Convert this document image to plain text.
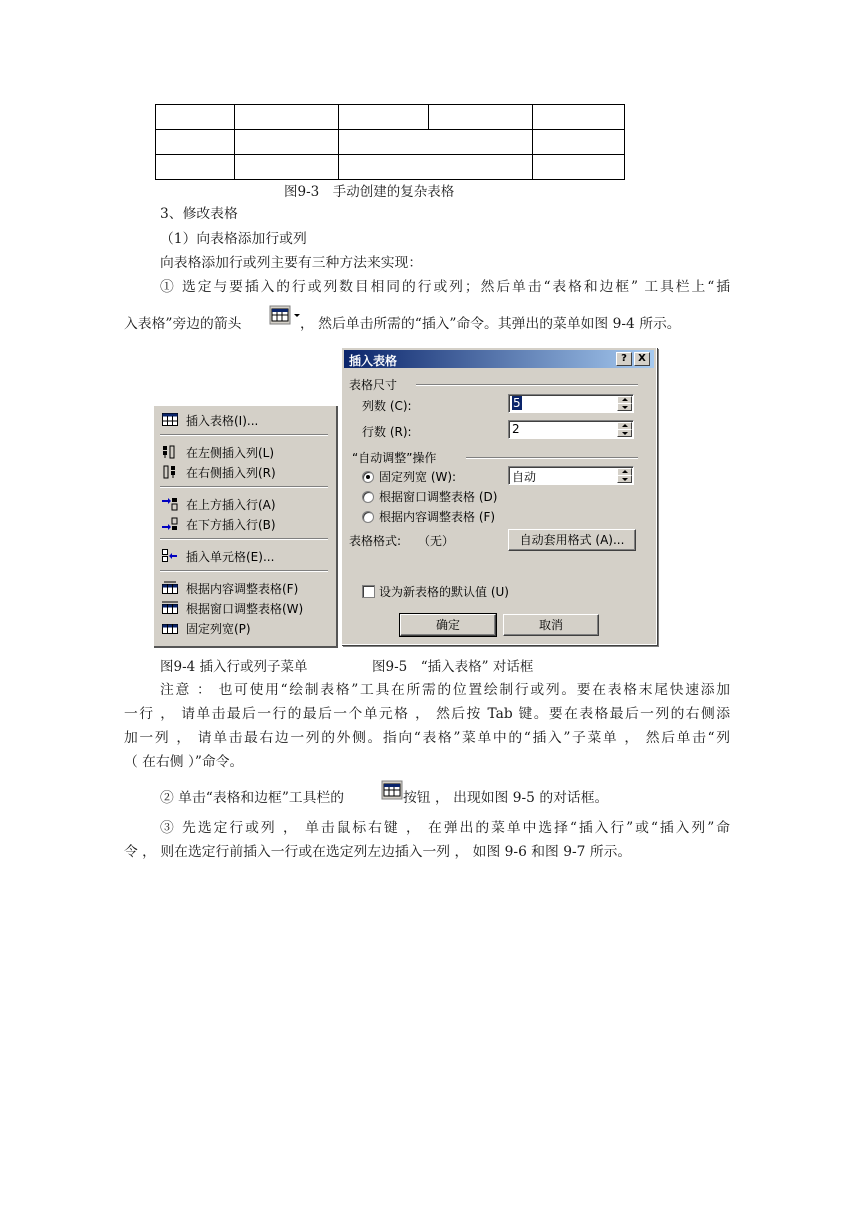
图9-3　手动创建的复杂表格
3、修改表格
（1）向表格添加行或列
向表格添加行或列主要有三种方法来实现：
① 选定与要插入的行或列数目相同的行或列；然后单击“表格和边框” 工具栏上“插
入表格”旁边的箭头	， 然后单击所需的“插入”命令。其弹出的菜单如图 9-4 所示。
插入表格(I)...
在左侧插入列(L)
在右侧插入列(R)
在上方插入行(A)
在下方插入行(B)
插入单元格(E)...
根据内容调整表格(F)
根据窗口调整表格(W)
固定列宽(P)
插入表格	?	X
表格尺寸
列数 (C):	5
行数 (R):	2
“自动调整”操作
固定列宽 (W):	自动
根据窗口调整表格 (D)
根据内容调整表格 (F)
表格格式: （无）	自动套用格式 (A)...
设为新表格的默认值 (U)
确定	取消
图9-4 插入行或列子菜单	图9-5　“插入表格” 对话框
注意 ： 也可使用“绘制表格”工具在所需的位置绘制行或列。要在表格末尾快速添加
一行 ， 请单击最后一行的最后一个单元格 ， 然后按 Tab 键。要在表格最后一列的右侧添
加一列 ， 请单击最右边一列的外侧。指向“表格”菜单中的“插入”子菜单 ， 然后单击“列
（ 在右侧 ）”命令。
② 单击“表格和边框”工具栏的	按钮 ， 出现如图 9-5 的对话框。
③ 先选定行或列 ， 单击鼠标右键 ， 在弹出的菜单中选择“插入行”或“插入列”命
令 ， 则在选定行前插入一行或在选定列左边插入一列 ， 如图 9-6 和图 9-7 所示。
